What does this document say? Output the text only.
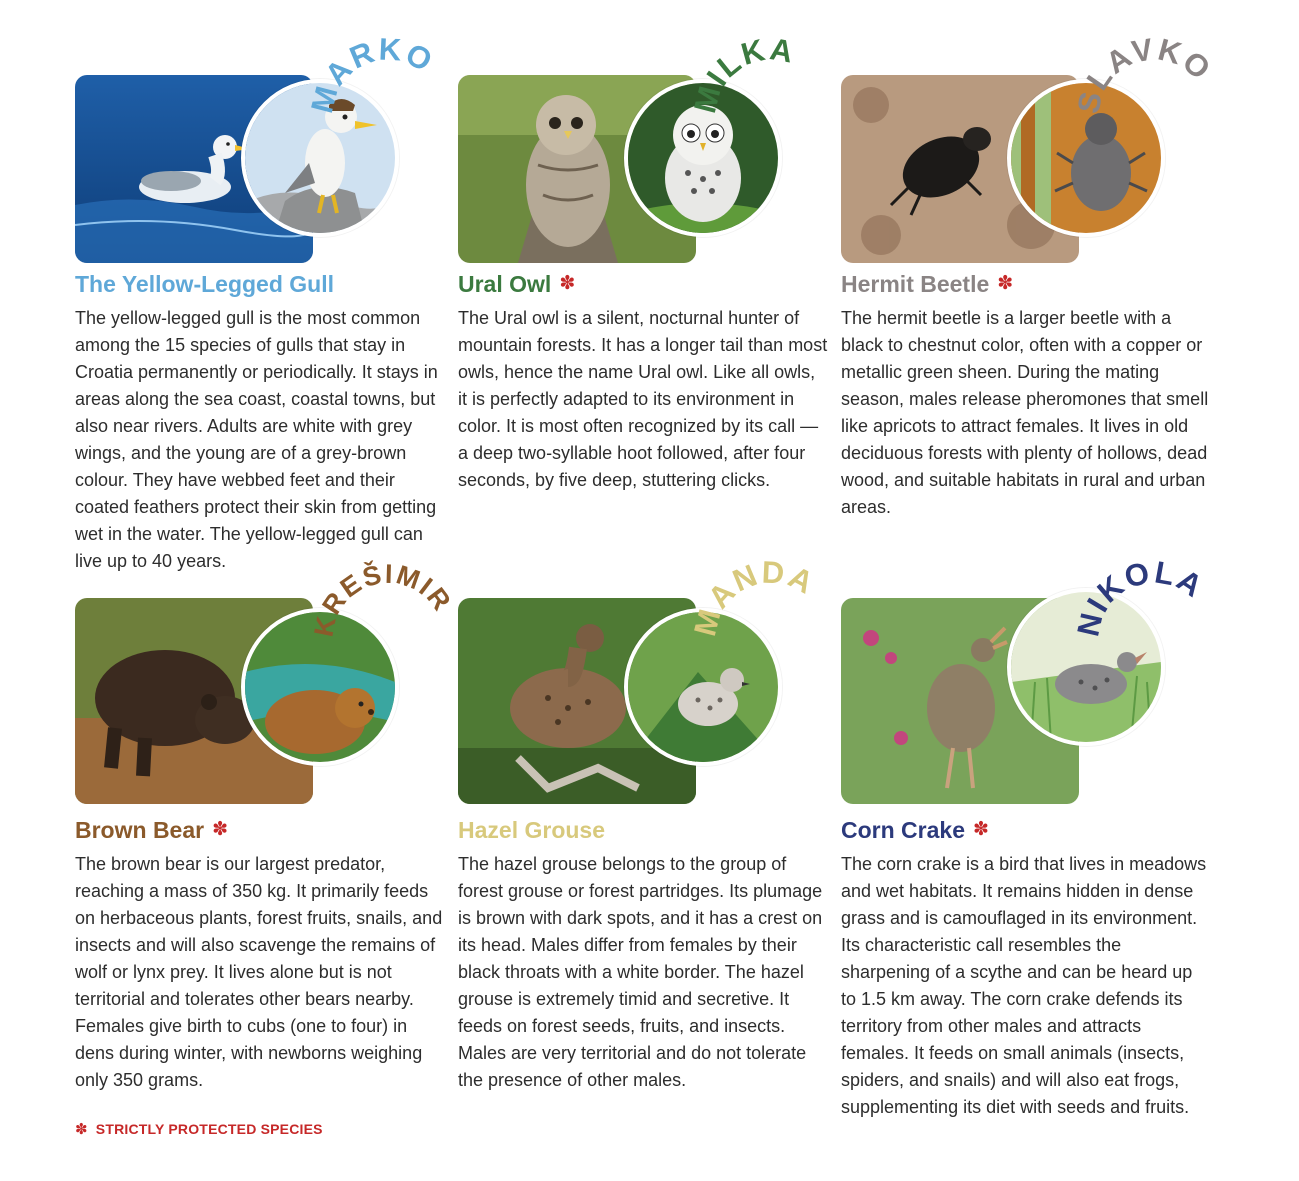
MARKO
The Yellow-Legged Gull
The yellow-legged gull is the most common among the 15 species of gulls that stay in Croatia permanently or periodically. It stays in areas along the sea coast, coastal towns, but also near rivers. Adults are white with grey wings, and the young are of a grey-brown colour. They have webbed feet and their coated feathers protect their skin from getting wet in the water. The yellow-legged gull can live up to 40 years.
MILKA
Ural Owl ✽
The Ural owl is a silent, nocturnal hunter of mountain forests. It has a longer tail than most owls, hence the name Ural owl. Like all owls, it is perfectly adapted to its environment in color. It is most often recognized by its call — a deep two-syllable hoot followed, after four seconds, by five deep, stuttering clicks.
SLAVKO
Hermit Beetle ✽
The hermit beetle is a larger beetle with a black to chestnut color, often with a copper or metallic green sheen. During the mating season, males release pheromones that smell like apricots to attract females. It lives in old deciduous forests with plenty of hollows, dead wood, and suitable habitats in rural and urban areas.
KREŠIMIR
Brown Bear ✽
The brown bear is our largest predator, reaching a mass of 350 kg. It primarily feeds on herbaceous plants, forest fruits, snails, and insects and will also scavenge the remains of wolf or lynx prey. It lives alone but is not territorial and tolerates other bears nearby. Females give birth to cubs (one to four) in dens during winter, with newborns weighing only 350 grams.
MANDA
Hazel Grouse
The hazel grouse belongs to the group of forest grouse or forest partridges. Its plumage is brown with dark spots, and it has a crest on its head. Males differ from females by their black throats with a white border. The hazel grouse is extremely timid and secretive. It feeds on forest seeds, fruits, and insects. Males are very territorial and do not tolerate the presence of other males.
NIKOLA
Corn Crake ✽
The corn crake is a bird that lives in meadows and wet habitats. It remains hidden in dense grass and is camouflaged in its environment. Its characteristic call resembles the sharpening of a scythe and can be heard up to 1.5 km away. The corn crake defends its territory from other males and attracts females. It feeds on small animals (insects, spiders, and snails) and will also eat frogs, supplementing its diet with seeds and fruits.
✽ STRICTLY PROTECTED SPECIES
